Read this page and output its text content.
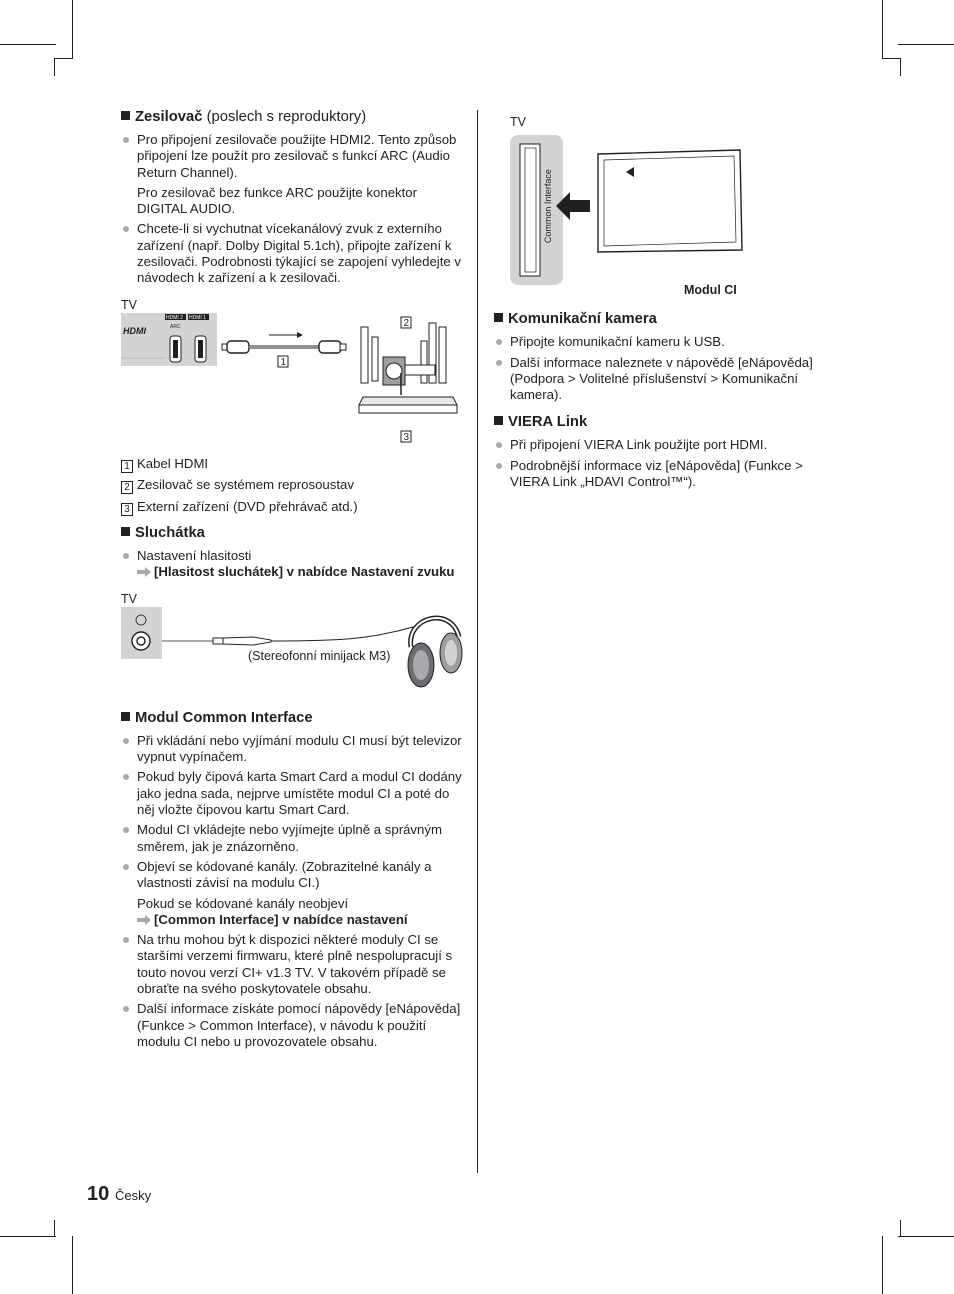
Zesilovač (poslech s reproduktory)
Pro připojení zesilovače použijte HDMI2. Tento způsob připojení lze použít pro zesilovač s funkcí ARC (Audio Return Channel).

Pro zesilovač bez funkce ARC použijte konektor DIGITAL AUDIO.

Chcete-li si vychutnat vícekanálový zvuk z externího zařízení (např. Dolby Digital 5.1ch), připojte zařízení k zesilovači. Podrobnosti týkající se zapojení vyhledejte v návodech k zařízení a k zesilovači.
TV
HDMI
HDMI 2 HDMI 1
ARC
1
2
3
1 Kabel HDMI
2 Zesilovač se systémem reprosoustav
3 Externí zařízení (DVD přehrávač atd.)
Sluchátka
Nastavení hlasitosti
[Hlasitost sluchátek] v nabídce Nastavení zvuku
TV
(Stereofonní minijack M3)
Modul Common Interface
Při vkládání nebo vyjímání modulu CI musí být televizor vypnut vypínačem.
Pokud byly čipová karta Smart Card a modul CI dodány jako jedna sada, nejprve umístěte modul CI a poté do něj vložte čipovou kartu Smart Card.
Modul CI vkládejte nebo vyjímejte úplně a správným směrem, jak je znázorněno.
Objeví se kódované kanály. (Zobrazitelné kanály a vlastnosti závisí na modulu CI.)

Pokud se kódované kanály neobjeví

[Common Interface] v nabídce nastavení
Na trhu mohou být k dispozici některé moduly CI se staršími verzemi firmwaru, které plně nespolupracují s touto novou verzí CI+ v1.3 TV. V takovém případě se obraťte na svého poskytovatele obsahu.
Další informace získáte pomocí nápovědy [eNápověda] (Funkce > Common Interface), v návodu k použití modulu CI nebo u provozovatele obsahu.
TV
Common Interface
Modul CI
Komunikační kamera
Připojte komunikační kameru k USB.
Další informace naleznete v nápovědě [eNápověda] (Podpora > Volitelné příslušenství > Komunikační kamera).
VIERA Link
Při připojení VIERA Link použijte port HDMI.
Podrobnější informace viz [eNápověda] (Funkce > VIERA Link „HDAVI Control™“).
10 Česky
